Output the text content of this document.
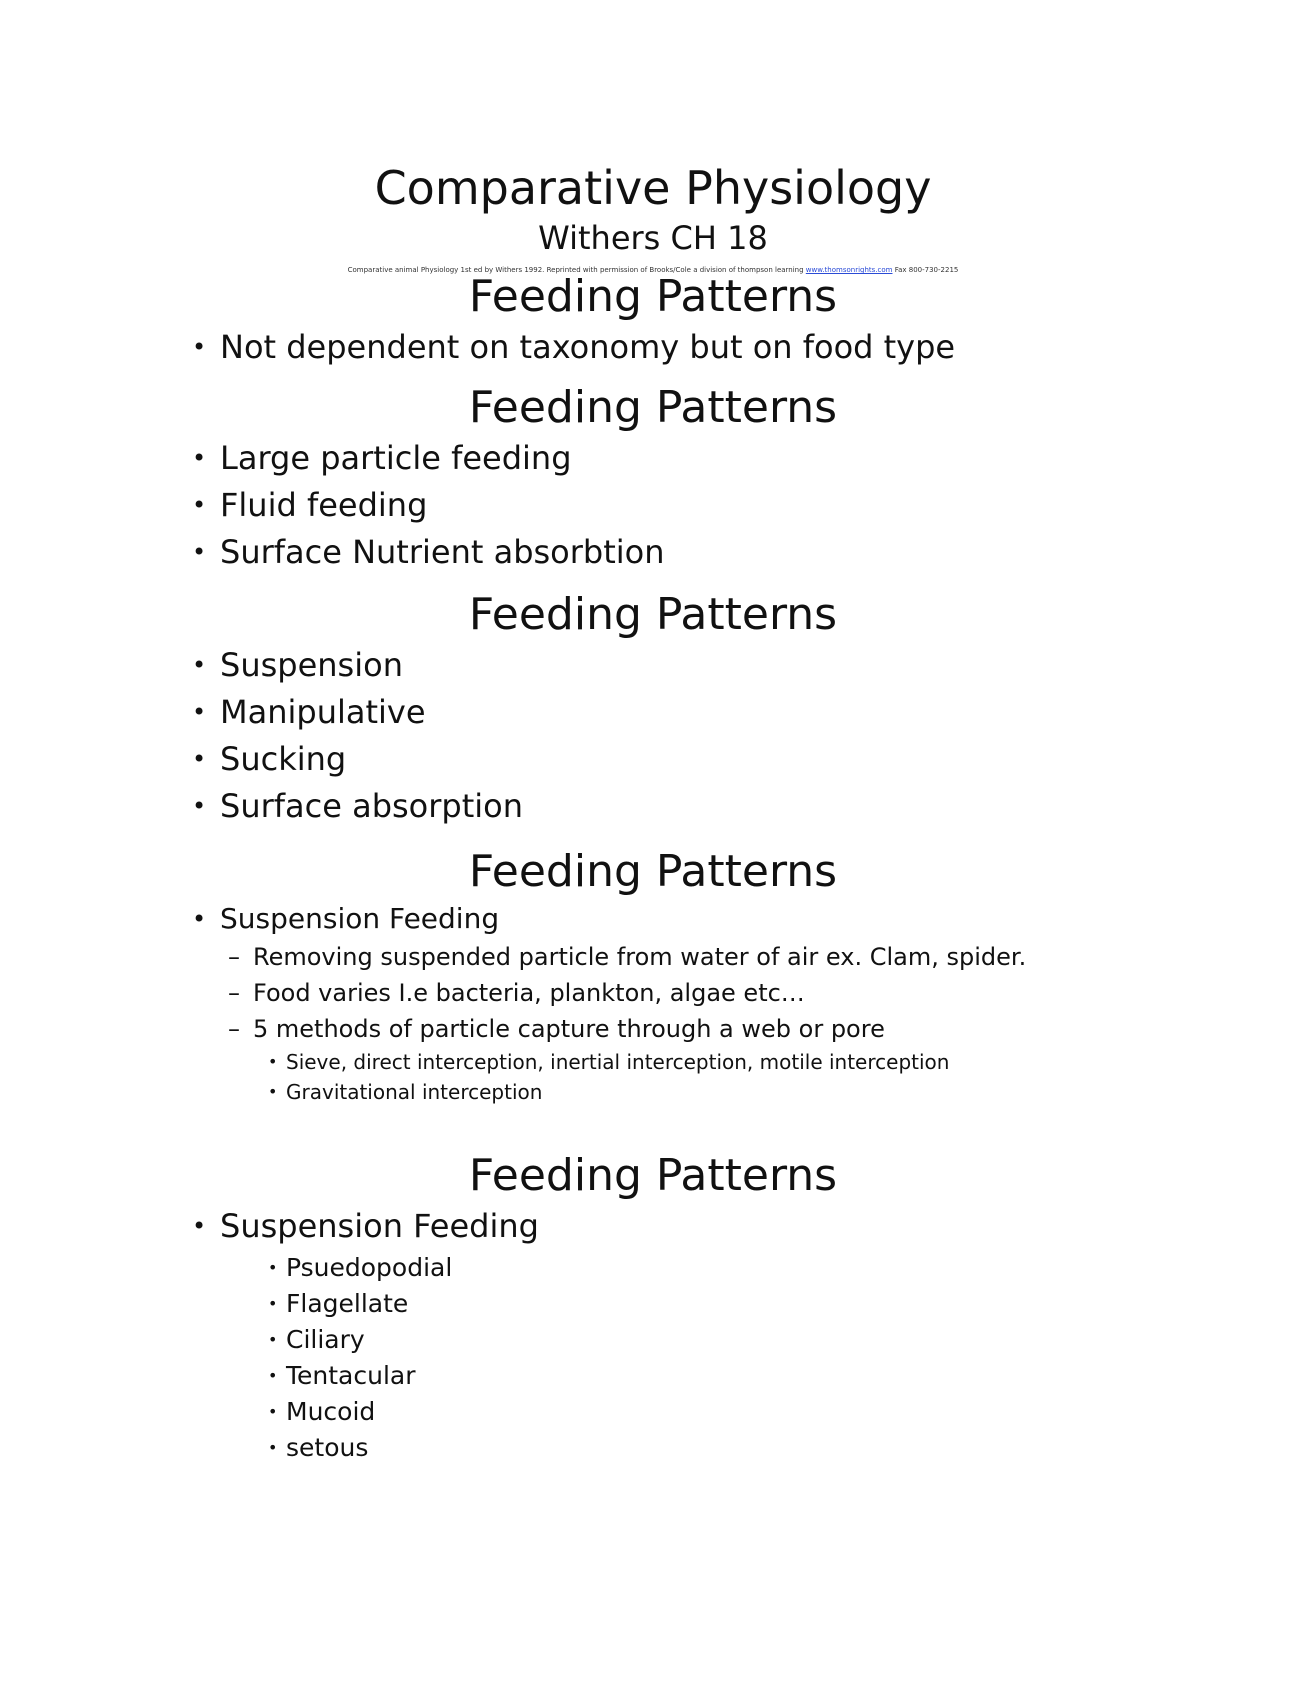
Comparative Physiology
Withers CH 18
Comparative animal Physiology 1st ed by Withers 1992. Reprinted with permission of Brooks/Cole a division of thompson learning www.thomsonrights.com Fax 800-730-2215
Feeding Patterns
• Not dependent on taxonomy but on food type
Feeding Patterns
• Large particle feeding
• Fluid feeding
• Surface Nutrient absorbtion
Feeding Patterns
• Suspension
• Manipulative
• Sucking
• Surface absorption
Feeding Patterns
• Suspension Feeding
– Removing suspended particle from water of air ex. Clam, spider.
– Food varies I.e bacteria, plankton, algae etc…
– 5 methods of particle capture through a web or pore
• Sieve, direct interception, inertial interception, motile interception
• Gravitational interception
Feeding Patterns
• Suspension Feeding
• Psuedopodial
• Flagellate
• Ciliary
• Tentacular
• Mucoid
• setous
